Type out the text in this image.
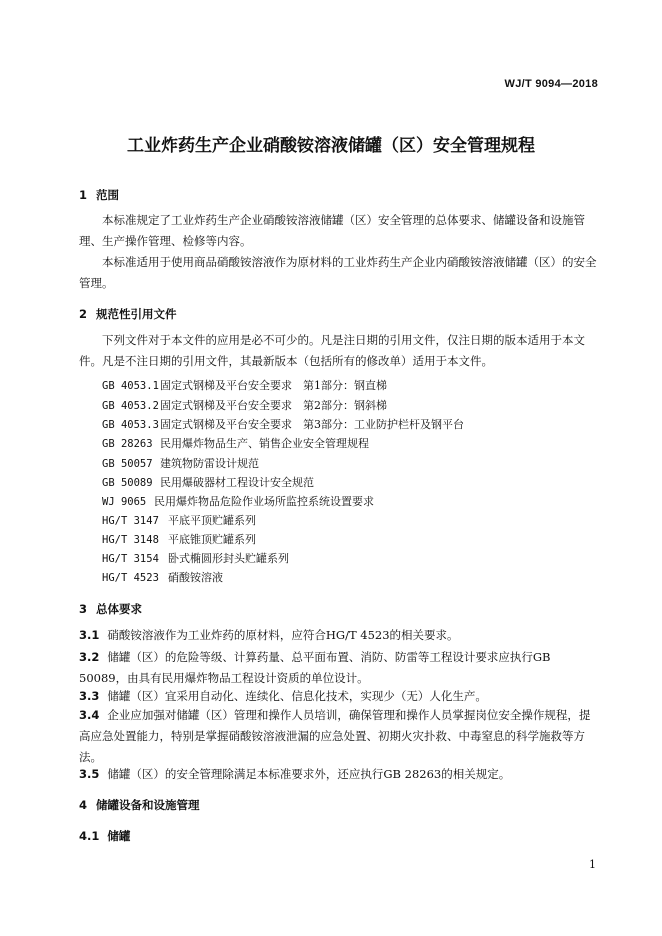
WJ/T 9094—2018
工业炸药生产企业硝酸铵溶液储罐（区）安全管理规程
1 范围
本标准规定了工业炸药生产企业硝酸铵溶液储罐（区）安全管理的总体要求、储罐设备和设施管理、生产操作管理、检修等内容。
本标准适用于使用商品硝酸铵溶液作为原材料的工业炸药生产企业内硝酸铵溶液储罐（区）的安全管理。
2 规范性引用文件
下列文件对于本文件的应用是必不可少的。凡是注日期的引用文件，仅注日期的版本适用于本文件。凡是不注日期的引用文件，其最新版本（包括所有的修改单）适用于本文件。
GB 4053.1固定式钢梯及平台安全要求　第1部分：钢直梯
GB 4053.2固定式钢梯及平台安全要求　第2部分：钢斜梯
GB 4053.3固定式钢梯及平台安全要求　第3部分：工业防护栏杆及钢平台
GB 28263 民用爆炸物品生产、销售企业安全管理规程
GB 50057 建筑物防雷设计规范
GB 50089 民用爆破器材工程设计安全规范
WJ 9065 民用爆炸物品危险作业场所监控系统设置要求
HG/T 3147 平底平顶贮罐系列
HG/T 3148 平底锥顶贮罐系列
HG/T 3154 卧式椭圆形封头贮罐系列
HG/T 4523 硝酸铵溶液
3 总体要求
3.1 硝酸铵溶液作为工业炸药的原材料，应符合HG/T 4523的相关要求。
3.2 储罐（区）的危险等级、计算药量、总平面布置、消防、防雷等工程设计要求应执行GB 50089，由具有民用爆炸物品工程设计资质的单位设计。
3.3 储罐（区）宜采用自动化、连续化、信息化技术，实现少（无）人化生产。
3.4 企业应加强对储罐（区）管理和操作人员培训，确保管理和操作人员掌握岗位安全操作规程，提高应急处置能力，特别是掌握硝酸铵溶液泄漏的应急处置、初期火灾扑救、中毒窒息的科学施救等方法。
3.5 储罐（区）的安全管理除满足本标准要求外，还应执行GB 28263的相关规定。
4 储罐设备和设施管理
4.1 储罐
1
